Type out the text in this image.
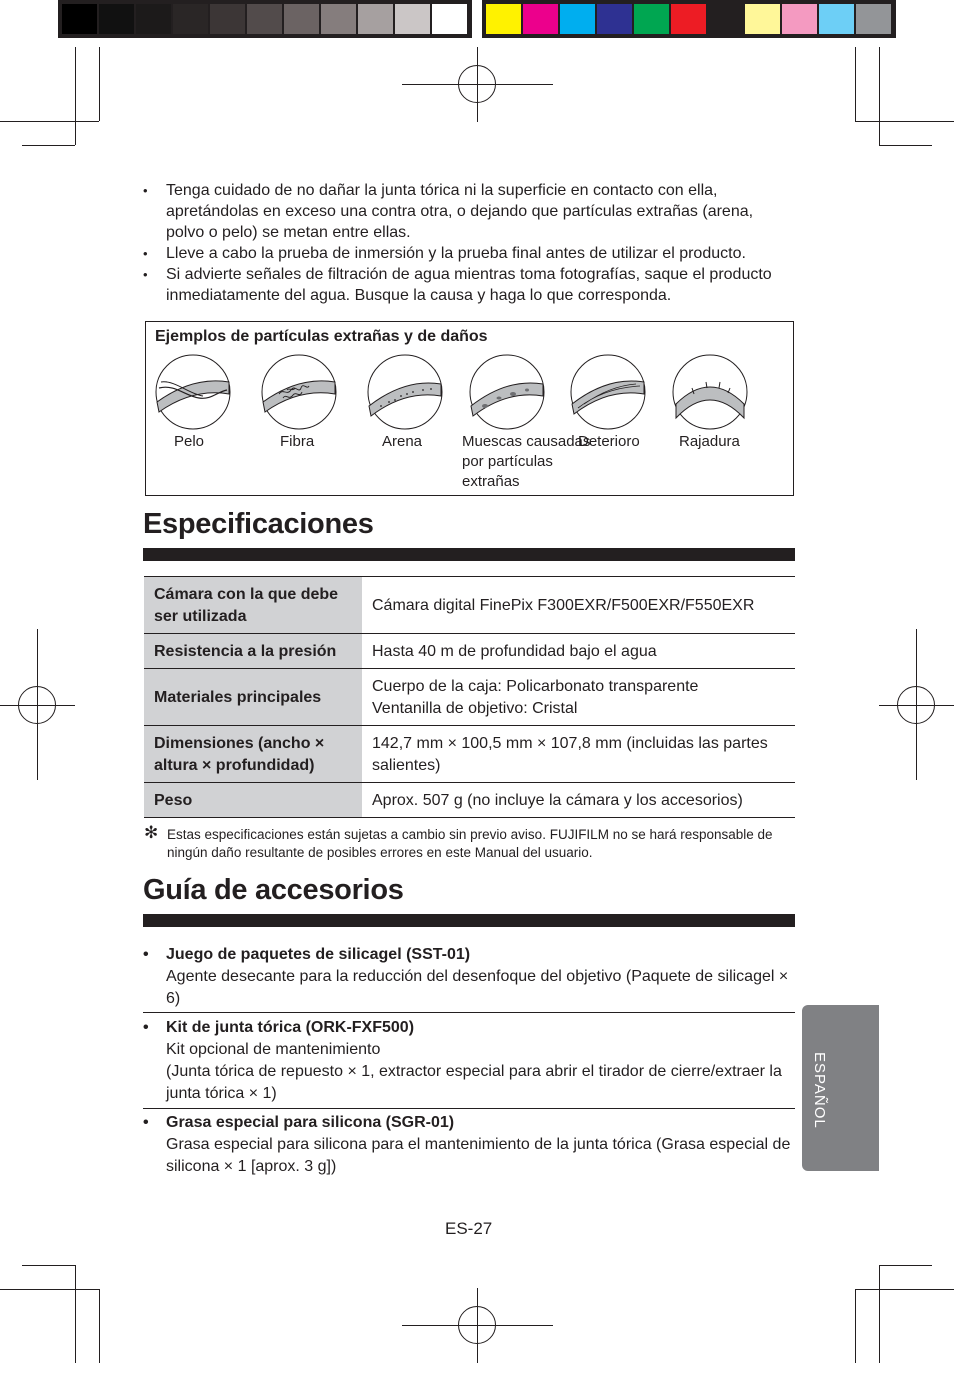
• Tenga cuidado de no dañar la junta tórica ni la superficie en contacto con ella, apretándolas en exceso una contra otra, o dejando que partículas extrañas (arena, polvo o pelo) se metan entre ellas.
• Lleve a cabo la prueba de inmersión y la prueba final antes de utilizar el producto.
• Si advierte señales de filtración de agua mientras toma fotografías, saque el producto inmediatamente del agua. Busque la causa y haga lo que corresponda.
Ejemplos de partículas extrañas y de daños
Pelo	Fibra	Arena	Muescas causadas por partículas extrañas
Deterioro	Rajadura
Especificaciones
Cámara con la que debe ser utilizada	Cámara digital FinePix F300EXR/F500EXR/F550EXR
Resistencia a la presión	Hasta 40 m de profundidad bajo el agua
Materiales principales	Cuerpo de la caja: Policarbonato transparente
Ventanilla de objetivo: Cristal

Dimensiones (ancho × altura × profundidad)	142,7 mm × 100,5 mm × 107,8 mm (incluidas las partes salientes)
Peso	Aprox. 507 g (no incluye la cámara y los accesorios)
✻ Estas especificaciones están sujetas a cambio sin previo aviso. FUJIFILM no se hará responsable de ningún daño resultante de posibles errores en este Manual del usuario.
Guía de accesorios
• Juego de paquetes de silicagel (SST-01)
Agente desecante para la reducción del desenfoque del objetivo (Paquete de silicagel × 6)
• Kit de junta tórica (ORK-FXF500)
Kit opcional de mantenimiento
(Junta tórica de repuesto × 1, extractor especial para abrir el tirador de cierre/extraer la junta tórica × 1)
• Grasa especial para silicona (SGR-01)
Grasa especial para silicona para el mantenimiento de la junta tórica (Grasa especial de silicona × 1 [aprox. 3 g])
ES-27
ESPAÑOL
